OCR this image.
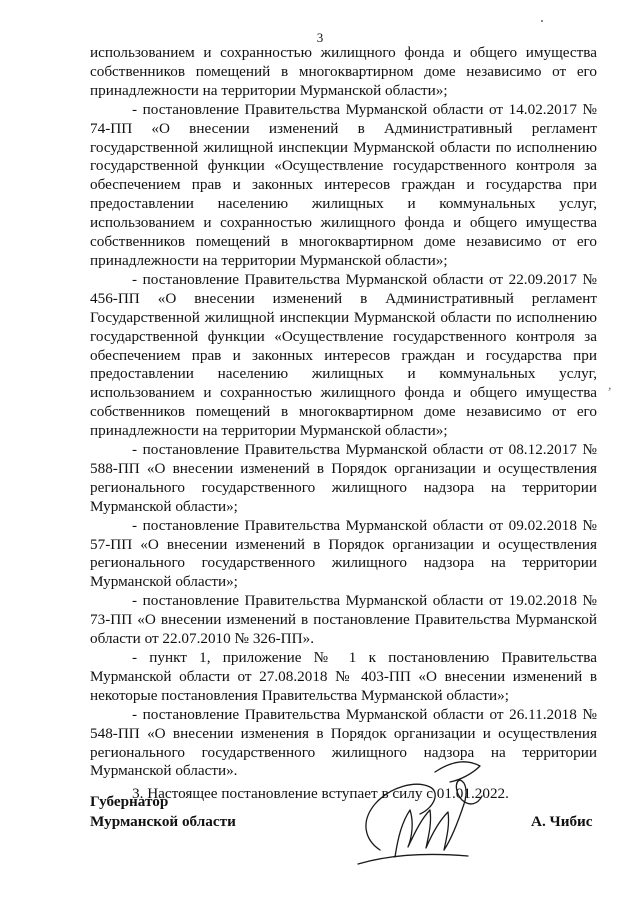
3

использованием и сохранностью жилищного фонда и общего имущества собственников помещений в многоквартирном доме независимо от его принадлежности на территории Мурманской области»;

- постановление Правительства Мурманской области от 14.02.2017 № 74-ПП «О внесении изменений в Административный регламент государственной жилищной инспекции Мурманской области по исполнению государственной функции «Осуществление государственного контроля за обеспечением прав и законных интересов граждан и государства при предоставлении населению жилищных и коммунальных услуг, использованием и сохранностью жилищного фонда и общего имущества собственников помещений в многоквартирном доме независимо от его принадлежности на территории Мурманской области»;

- постановление Правительства Мурманской области от 22.09.2017 № 456-ПП «О внесении изменений в Административный регламент Государственной жилищной инспекции Мурманской области по исполнению государственной функции «Осуществление государственного контроля за обеспечением прав и законных интересов граждан и государства при предоставлении населению жилищных и коммунальных услуг, использованием и сохранностью жилищного фонда и общего имущества собственников помещений в многоквартирном доме независимо от его принадлежности на территории Мурманской области»;

- постановление Правительства Мурманской области от 08.12.2017 № 588-ПП «О внесении изменений в Порядок организации и осуществления регионального государственного жилищного надзора на территории Мурманской области»;

- постановление Правительства Мурманской области от 09.02.2018 № 57-ПП «О внесении изменений в Порядок организации и осуществления регионального государственного жилищного надзора на территории Мурманской области»;

- постановление Правительства Мурманской области от 19.02.2018 № 73-ПП «О внесении изменений в постановление Правительства Мурманской области от 22.07.2010 № 326-ПП».

- пункт 1, приложение № 1 к постановлению Правительства Мурманской области от 27.08.2018 № 403-ПП «О внесении изменений в некоторые постановления Правительства Мурманской области»;

- постановление Правительства Мурманской области от 26.11.2018 № 548-ПП «О внесении изменения в Порядок организации и осуществления регионального государственного жилищного надзора на территории Мурманской области».

3. Настоящее постановление вступает в силу с 01.01.2022.

Губернатор
Мурманской области	А. Чибис
,
